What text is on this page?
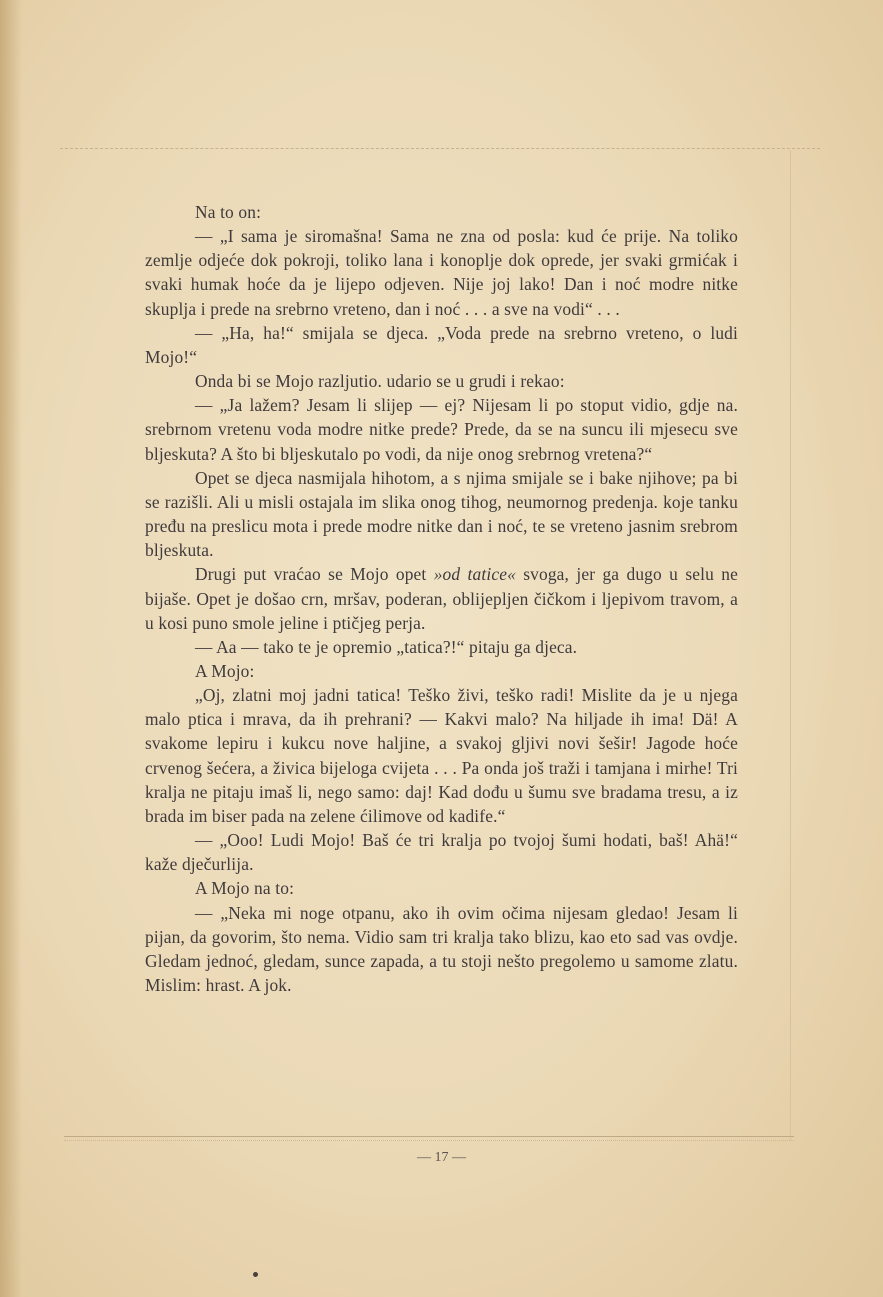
Na to on:

— „I sama je siromašna! Sama ne zna od posla: kud će prije. Na toliko zemlje odjeće dok pokroji, toliko lana i konoplje dok oprede, jer svaki grmićak i svaki humak hoće da je lijepo odjeven. Nije joj lako! Dan i noć modre nitke skuplja i prede na srebrno vreteno, dan i noć . . . a sve na vodi“ . . .

— „Ha, ha!“ smijala se djeca. „Voda prede na srebrno vreteno, o ludi Mojo!“

Onda bi se Mojo razljutio. udario se u grudi i rekao:

— „Ja lažem? Jesam li slijep — ej? Nijesam li po stoput vidio, gdje na. srebrnom vretenu voda modre nitke prede? Prede, da se na suncu ili mjesecu sve bljeskuta? A što bi bljeskutalo po vodi, da nije onog srebrnog vretena?“

Opet se djeca nasmijala hihotom, a s njima smijale se i bake njihove; pa bi se razišli. Ali u misli ostajala im slika onog tihog, neumornog predenja. koje tanku pređu na preslicu mota i prede modre nitke dan i noć, te se vreteno jasnim srebrom bljeskuta.

Drugi put vraćao se Mojo opet »od tatice« svoga, jer ga dugo u selu ne bijaše. Opet je došao crn, mršav, poderan, oblijepljen čičkom i ljepivom travom, a u kosi puno smole jeline i ptičjeg perja.

— Aa — tako te je opremio „tatica?!“ pitaju ga djeca.

A Mojo:

„Oj, zlatni moj jadni tatica! Teško živi, teško radi! Mislite da je u njega malo ptica i mrava, da ih prehrani? — Kakvi malo? Na hiljade ih ima! Dä! A svakome lepiru i kukcu nove haljine, a svakoj gljivi novi šešir! Jagode hoće crvenog šećera, a živica bijeloga cvijeta . . . Pa onda još traži i tamjana i mirhe! Tri kralja ne pitaju imaš li, nego samo: daj! Kad dođu u šumu sve bradama tresu, a iz brada im biser pada na zelene ćilimove od kadife.“

— „Ooo! Ludi Mojo! Baš će tri kralja po tvojoj šumi hodati, baš! Ahä!“ kaže dječurlija.

A Mojo na to:

— „Neka mi noge otpanu, ako ih ovim očima nijesam gledao! Jesam li pijan, da govorim, što nema. Vidio sam tri kralja tako blizu, kao eto sad vas ovdje. Gledam jednoć, gledam, sunce zapada, a tu stoji nešto pregolemo u samome zlatu. Mislim: hrast. A jok.

— 17 —
